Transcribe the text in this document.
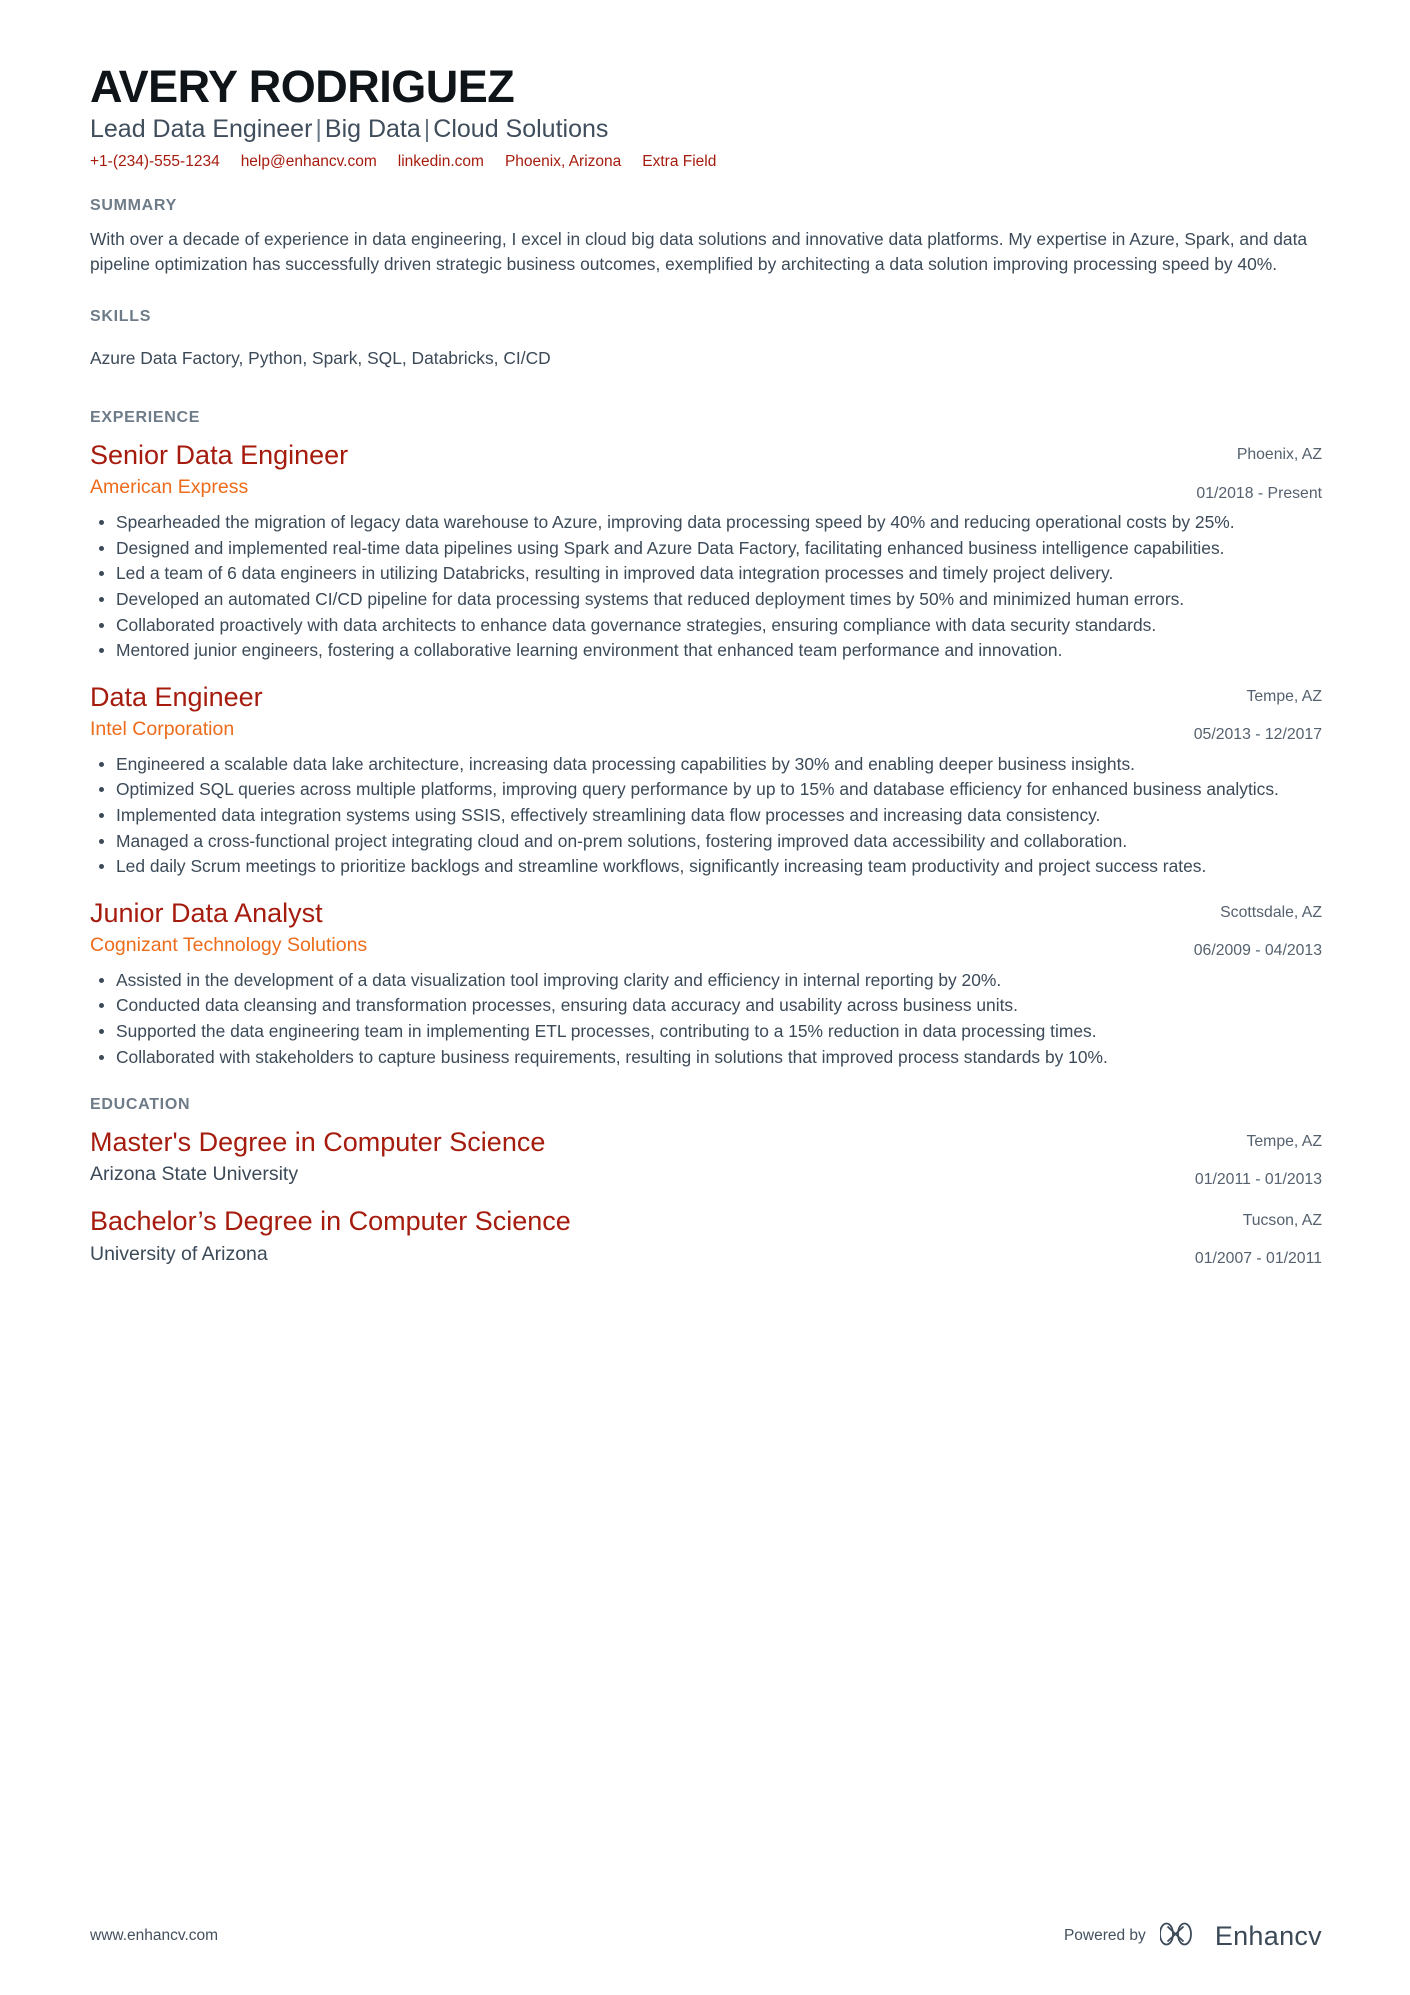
AVERY RODRIGUEZ
Lead Data Engineer | Big Data | Cloud Solutions
+1-(234)-555-1234 help@enhancv.com linkedin.com Phoenix, Arizona Extra Field
SUMMARY

With over a decade of experience in data engineering, I excel in cloud big data solutions and innovative data platforms. My expertise in Azure, Spark, and data pipeline optimization has successfully driven strategic business outcomes, exemplified by architecting a data solution improving processing speed by 40%.

SKILLS

Azure Data Factory, Python, Spark, SQL, Databricks, CI/CD

EXPERIENCE
Senior Data Engineer
American Express
Phoenix, AZ
01/2018 - Present
Spearheaded the migration of legacy data warehouse to Azure, improving data processing speed by 40% and reducing operational costs by 25%.
Designed and implemented real-time data pipelines using Spark and Azure Data Factory, facilitating enhanced business intelligence capabilities.
Led a team of 6 data engineers in utilizing Databricks, resulting in improved data integration processes and timely project delivery.
Developed an automated CI/CD pipeline for data processing systems that reduced deployment times by 50% and minimized human errors.
Collaborated proactively with data architects to enhance data governance strategies, ensuring compliance with data security standards.
Mentored junior engineers, fostering a collaborative learning environment that enhanced team performance and innovation.
Data Engineer
Intel Corporation
Tempe, AZ
05/2013 - 12/2017
Engineered a scalable data lake architecture, increasing data processing capabilities by 30% and enabling deeper business insights.
Optimized SQL queries across multiple platforms, improving query performance by up to 15% and database efficiency for enhanced business analytics.
Implemented data integration systems using SSIS, effectively streamlining data flow processes and increasing data consistency.
Managed a cross-functional project integrating cloud and on-prem solutions, fostering improved data accessibility and collaboration.
Led daily Scrum meetings to prioritize backlogs and streamline workflows, significantly increasing team productivity and project success rates.
Junior Data Analyst
Cognizant Technology Solutions
Scottsdale, AZ
06/2009 - 04/2013
Assisted in the development of a data visualization tool improving clarity and efficiency in internal reporting by 20%.
Conducted data cleansing and transformation processes, ensuring data accuracy and usability across business units.
Supported the data engineering team in implementing ETL processes, contributing to a 15% reduction in data processing times.
Collaborated with stakeholders to capture business requirements, resulting in solutions that improved process standards by 10%.
EDUCATION
Master's Degree in Computer Science
Arizona State University
Tempe, AZ
01/2011 - 01/2013
Bachelor’s Degree in Computer Science
University of Arizona
Tucson, AZ
01/2007 - 01/2011
www.enhancv.com	Powered by	Enhancv
